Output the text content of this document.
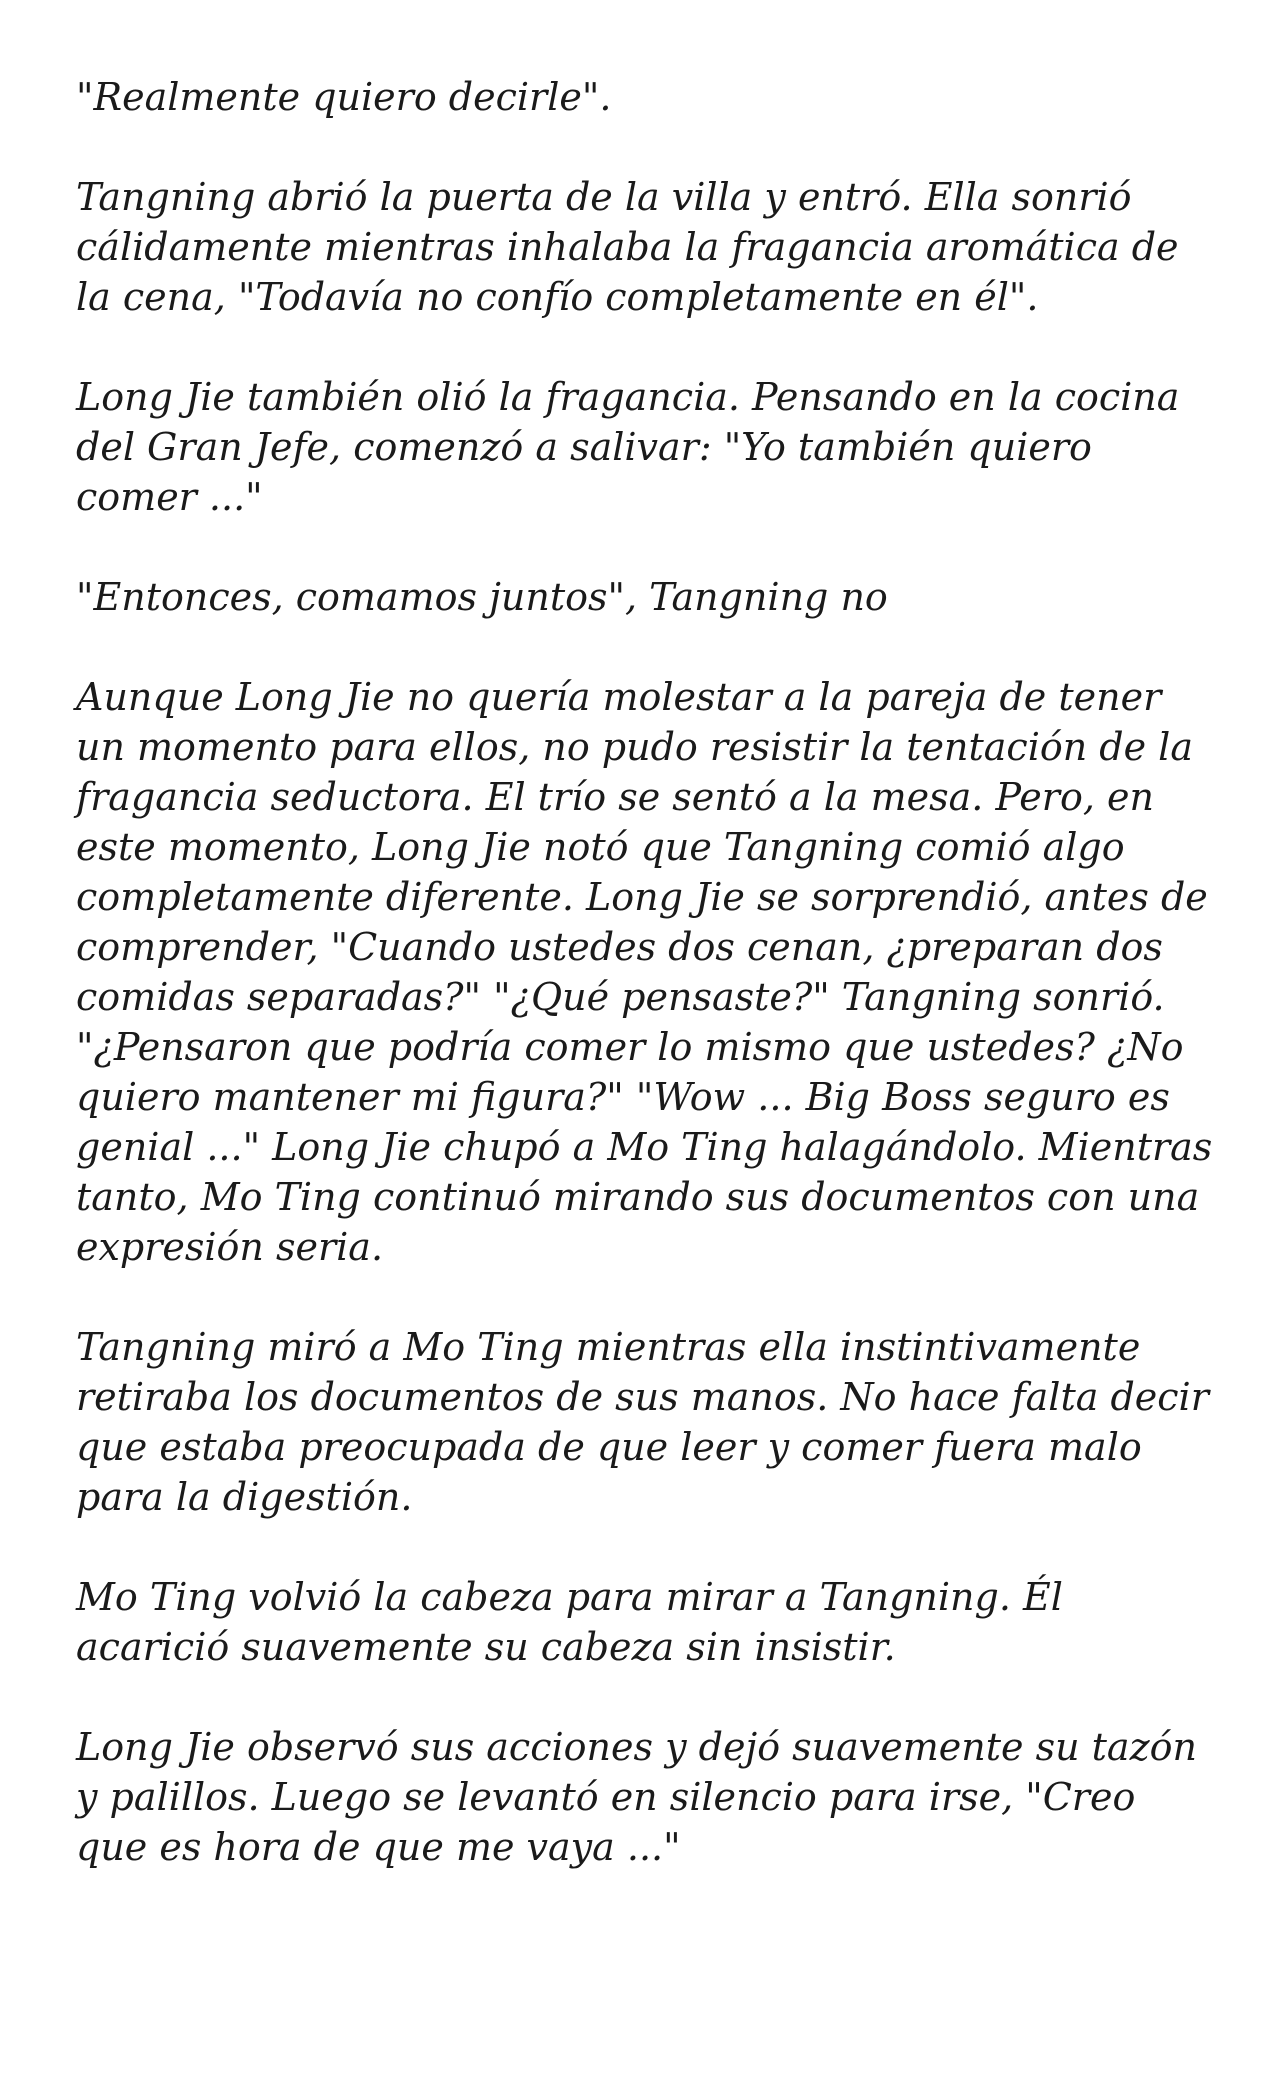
"Realmente quiero decirle".

Tangning abrió la puerta de la villa y entró. Ella sonrió cálidamente mientras inhalaba la fragancia aromática de la cena, "Todavía no confío completamente en él".

Long Jie también olió la fragancia. Pensando en la cocina del Gran Jefe, comenzó a salivar: "Yo también quiero comer ..."

"Entonces, comamos juntos", Tangning no

Aunque Long Jie no quería molestar a la pareja de tener un momento para ellos, no pudo resistir la tentación de la fragancia seductora. El trío se sentó a la mesa. Pero, en este momento, Long Jie notó que Tangning comió algo completamente diferente. Long Jie se sorprendió, antes de comprender, "Cuando ustedes dos cenan, ¿preparan dos comidas separadas?" "¿Qué pensaste?" Tangning sonrió. "¿Pensaron que podría comer lo mismo que ustedes? ¿No quiero mantener mi figura?" "Wow ... Big Boss seguro es genial ..." Long Jie chupó a Mo Ting halagándolo. Mientras tanto, Mo Ting continuó mirando sus documentos con una expresión seria.

Tangning miró a Mo Ting mientras ella instintivamente retiraba los documentos de sus manos. No hace falta decir que estaba preocupada de que leer y comer fuera malo para la digestión.

Mo Ting volvió la cabeza para mirar a Tangning. Él acarició suavemente su cabeza sin insistir.

Long Jie observó sus acciones y dejó suavemente su tazón y palillos. Luego se levantó en silencio para irse, "Creo que es hora de que me vaya ..."
